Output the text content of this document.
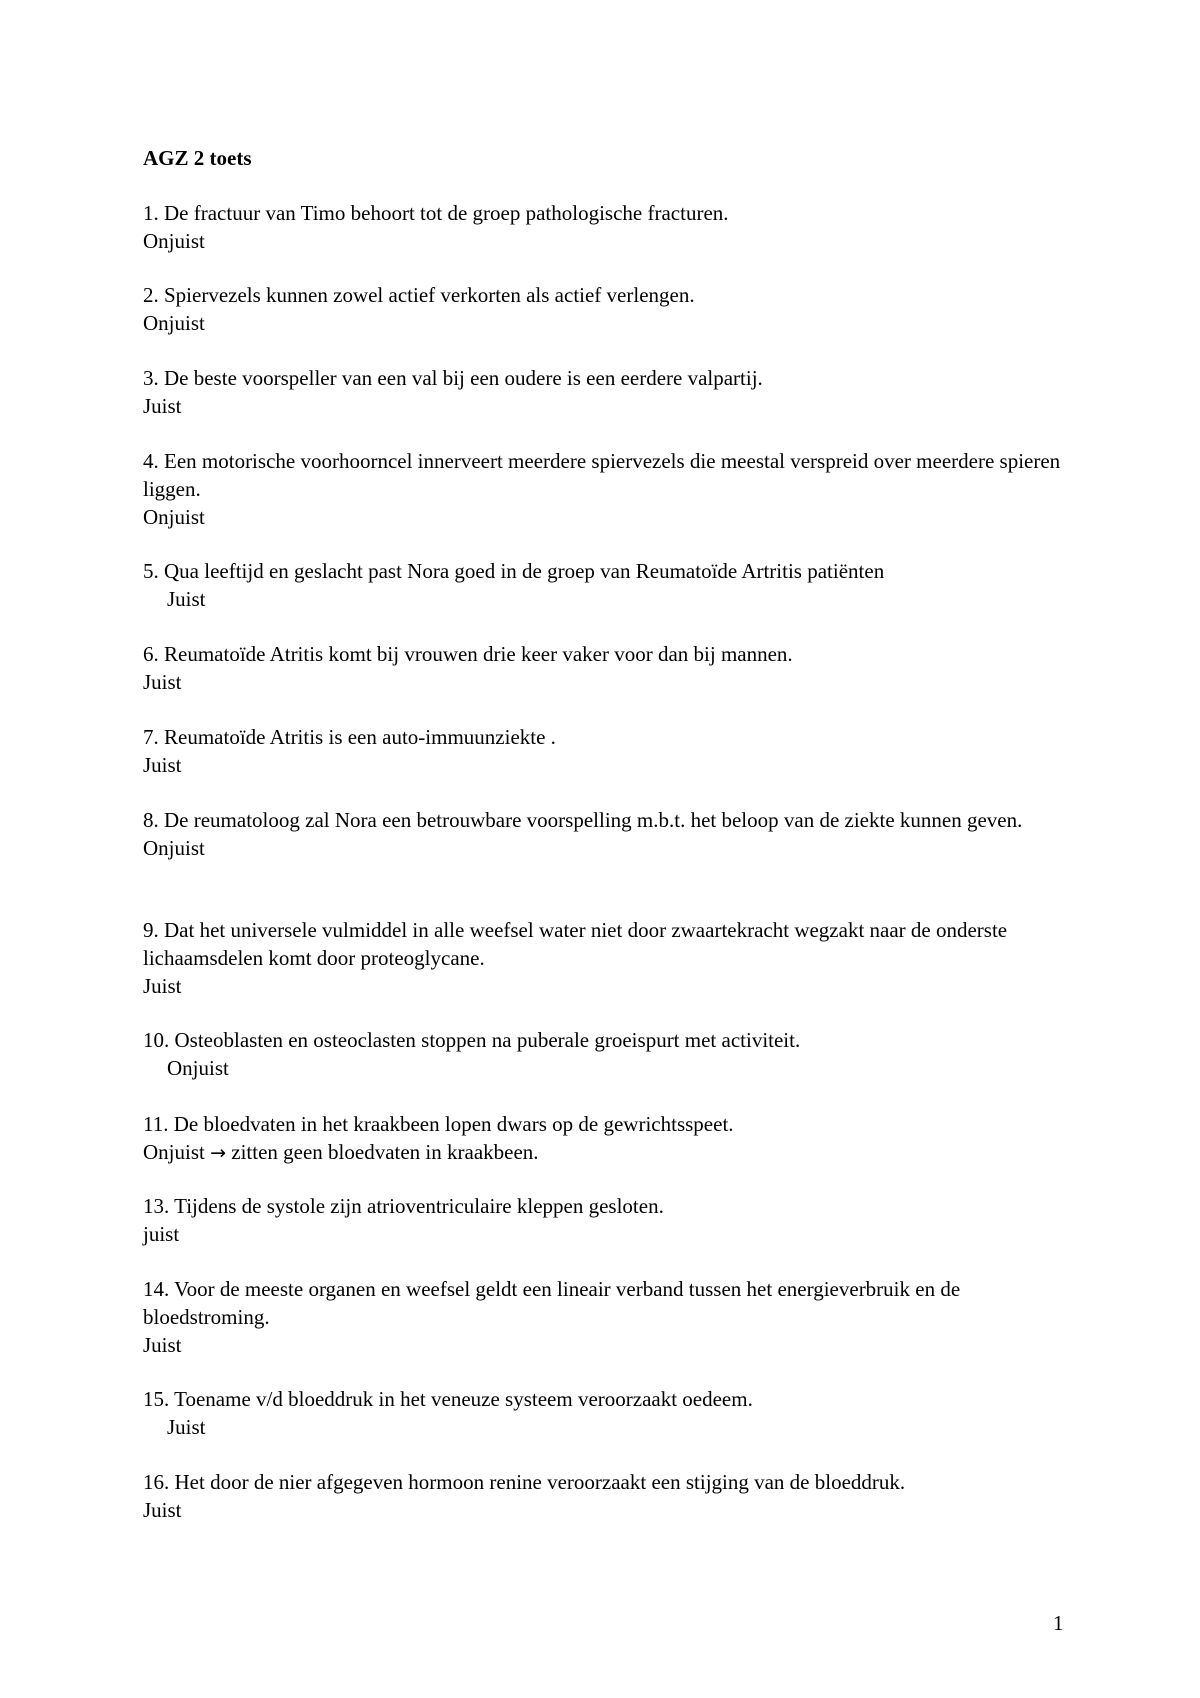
AGZ 2 toets

1. De fractuur van Timo behoort tot de groep pathologische fracturen.

Onjuist

2. Spiervezels kunnen zowel actief verkorten als actief verlengen.

Onjuist

3. De beste voorspeller van een val bij een oudere is een eerdere valpartij.

Juist

4. Een motorische voorhoorncel innerveert meerdere spiervezels die meestal verspreid over meerdere spieren liggen.

Onjuist

5. Qua leeftijd en geslacht past Nora goed in de groep van Reumatoïde Artritis patiënten

Juist

6. Reumatoïde Atritis komt bij vrouwen drie keer vaker voor dan bij mannen.

Juist

7. Reumatoïde Atritis is een auto-immuunziekte .

Juist

8. De reumatoloog zal Nora een betrouwbare voorspelling m.b.t. het beloop van de ziekte kunnen geven.

Onjuist

9. Dat het universele vulmiddel in alle weefsel water niet door zwaartekracht wegzakt naar de onderste lichaamsdelen komt door proteoglycane.

Juist

10. Osteoblasten en osteoclasten stoppen na puberale groeispurt met activiteit.

Onjuist

11. De bloedvaten in het kraakbeen lopen dwars op de gewrichtsspeet.

Onjuist → zitten geen bloedvaten in kraakbeen.

13. Tijdens de systole zijn atrioventriculaire kleppen gesloten.

juist

14. Voor de meeste organen en weefsel geldt een lineair verband tussen het energieverbruik en de bloedstroming.

Juist

15. Toename v/d bloeddruk in het veneuze systeem veroorzaakt oedeem.

Juist

16. Het door de nier afgegeven hormoon renine veroorzaakt een stijging van de bloeddruk.

Juist

1
